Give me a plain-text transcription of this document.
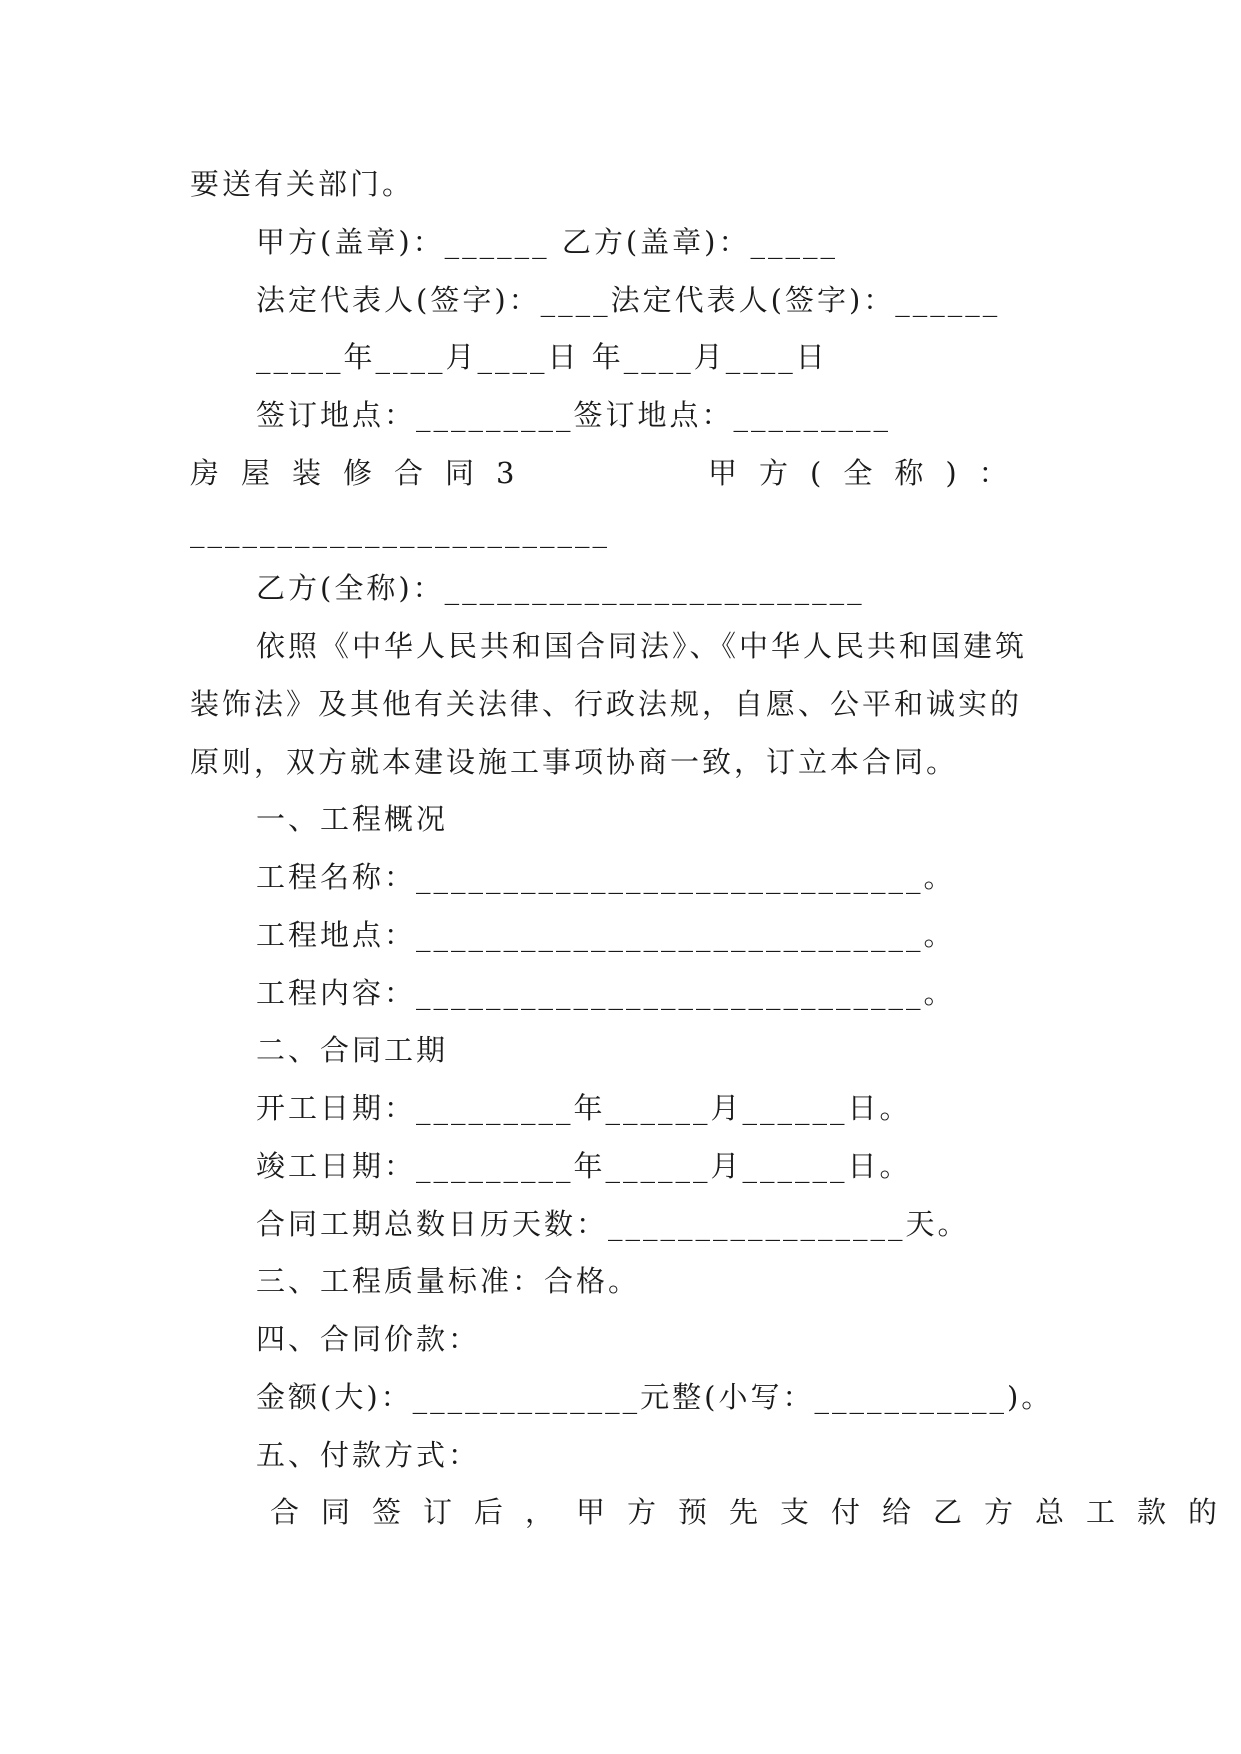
要送有关部门。
甲方(盖章)：______ 乙方(盖章)：_____
法定代表人(签字)：____法定代表人(签字)：______
_____年____月____日 年____月____日
签订地点：_________签订地点：_________
房屋装修合同3	甲方(全称)：
________________________
乙方(全称)：________________________
依照《中华人民共和国合同法》、《中华人民共和国建筑
装饰法》及其他有关法律、行政法规，自愿、公平和诚实的
原则，双方就本建设施工事项协商一致，订立本合同。
一、工程概况
工程名称：_____________________________。
工程地点：_____________________________。
工程内容：_____________________________。
二、合同工期
开工日期：_________年______月______日。
竣工日期：_________年______月______日。
合同工期总数日历天数：_________________天。
三、工程质量标准：合格。
四、合同价款：
金额(大)：_____________元整(小写：___________)。
五、付款方式：
合同签订后，甲方预先支付给乙方总工款的
